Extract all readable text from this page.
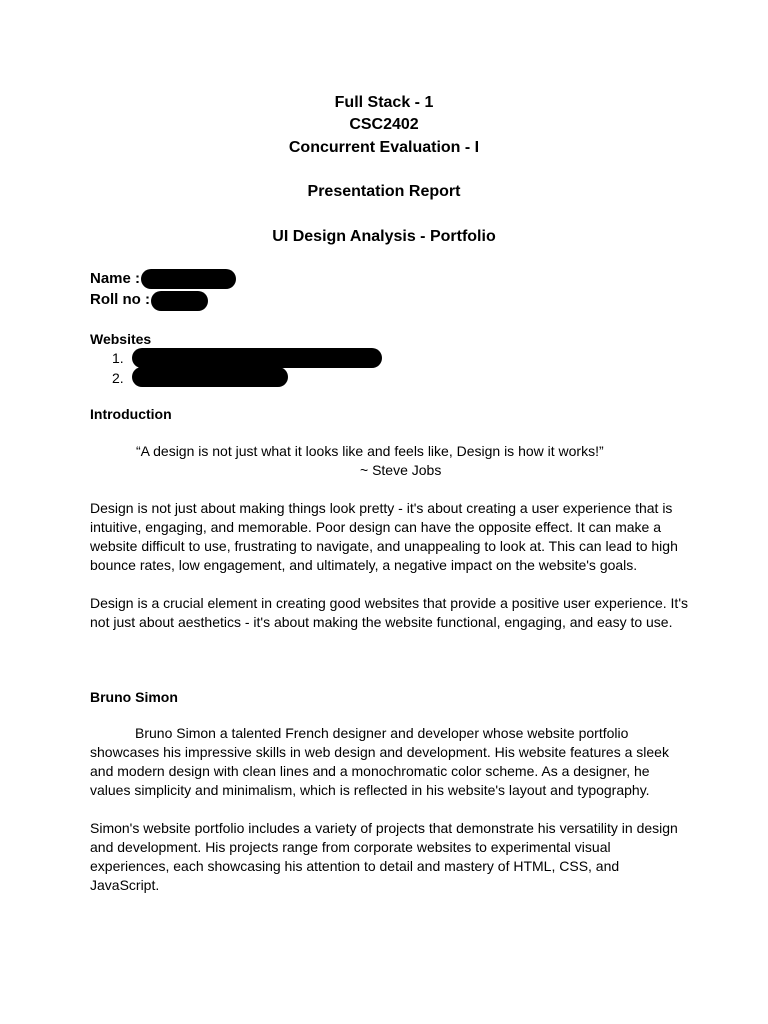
Full Stack - 1

CSC2402

Concurrent Evaluation - I

Presentation Report

UI Design Analysis - Portfolio

Name :

Roll no :

Websites

1.
2.

Introduction

“A design is not just what it looks like and feels like, Design is how it works!”

~ Steve Jobs

Design is not just about making things look pretty - it's about creating a user experience that is intuitive, engaging, and memorable. Poor design can have the opposite effect. It can make a website difficult to use, frustrating to navigate, and unappealing to look at. This can lead to high bounce rates, low engagement, and ultimately, a negative impact on the website's goals.

Design is a crucial element in creating good websites that provide a positive user experience. It's not just about aesthetics - it's about making the website functional, engaging, and easy to use.

Bruno Simon

Bruno Simon a talented French designer and developer whose website portfolio showcases his impressive skills in web design and development. His website features a sleek and modern design with clean lines and a monochromatic color scheme. As a designer, he values simplicity and minimalism, which is reflected in his website's layout and typography.

Simon's website portfolio includes a variety of projects that demonstrate his versatility in design and development. His projects range from corporate websites to experimental visual experiences, each showcasing his attention to detail and mastery of HTML, CSS, and JavaScript.
